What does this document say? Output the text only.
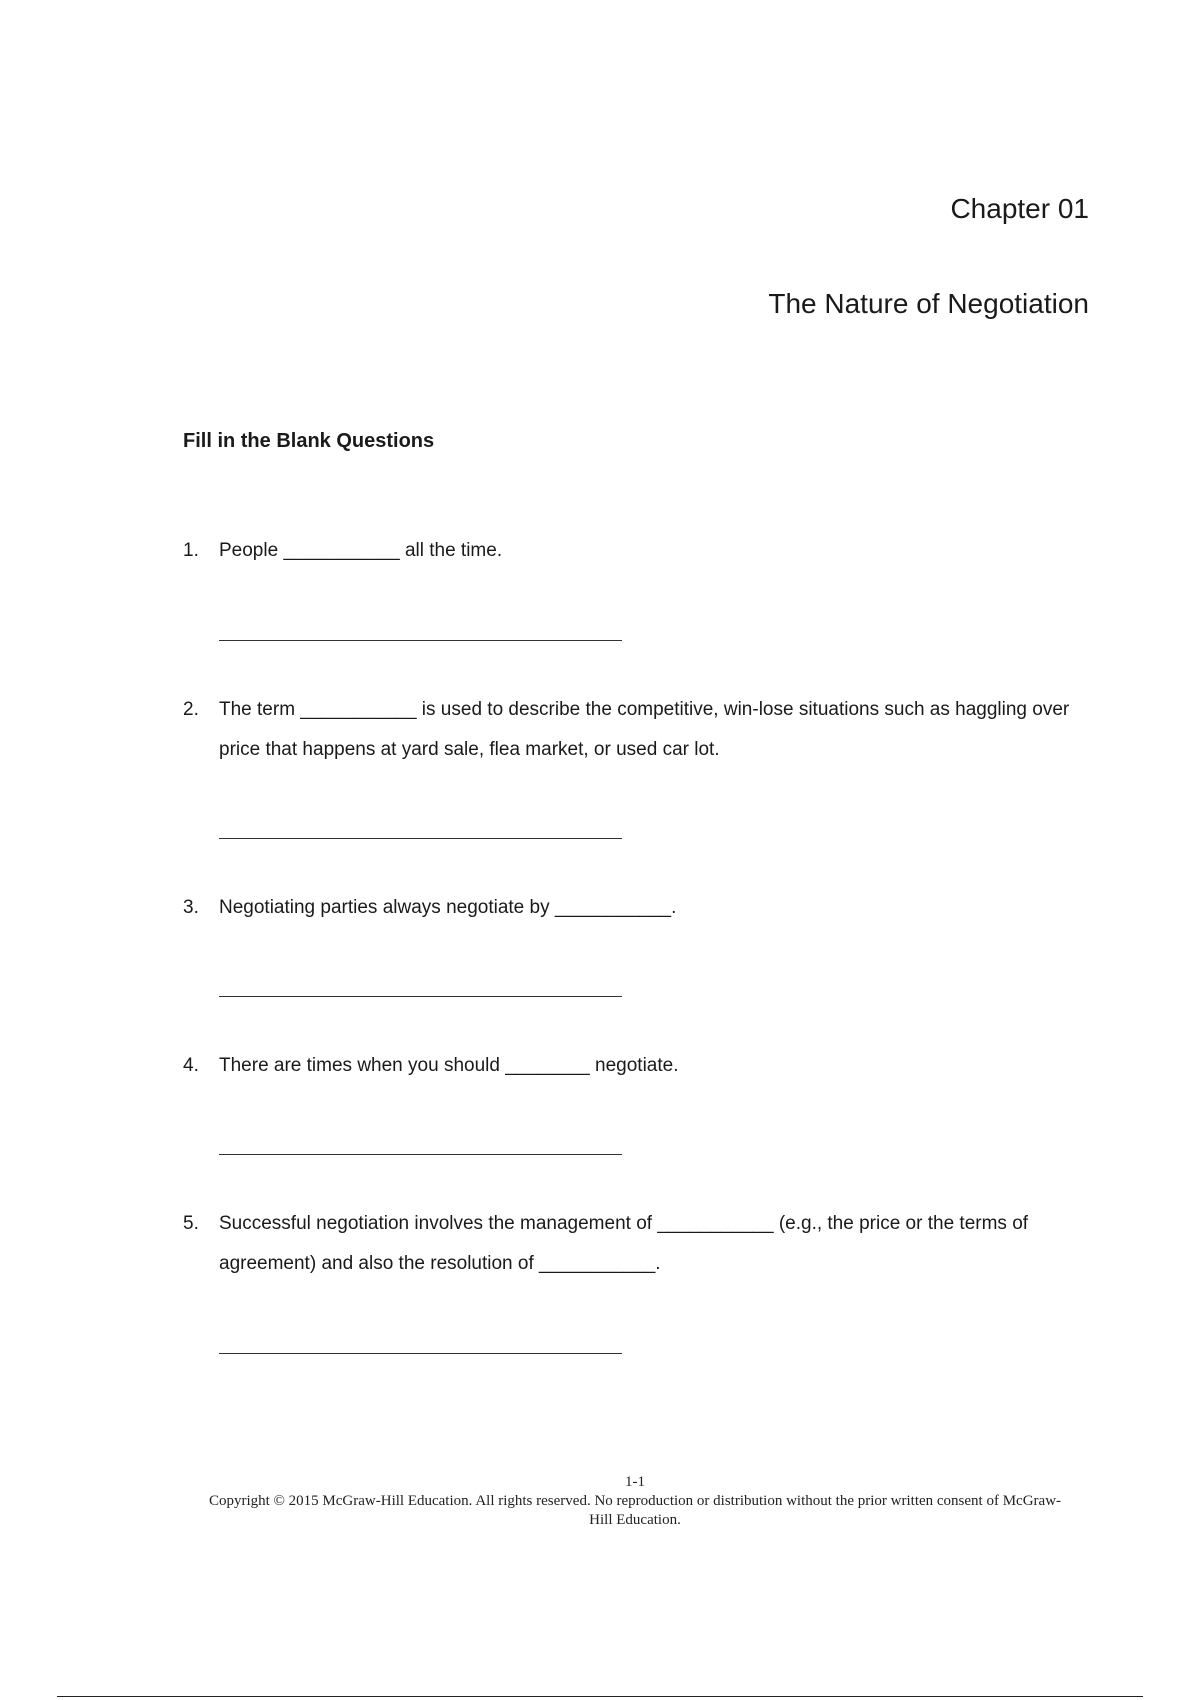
Chapter 01
The Nature of Negotiation
Fill in the Blank Questions
1. People ___________ all the time.
2. The term ___________ is used to describe the competitive, win-lose situations such as haggling over price that happens at yard sale, flea market, or used car lot.
3. Negotiating parties always negotiate by ___________.
4. There are times when you should ________ negotiate.
5. Successful negotiation involves the management of ___________ (e.g., the price or the terms of agreement) and also the resolution of ___________.
1-1
Copyright © 2015 McGraw-Hill Education. All rights reserved. No reproduction or distribution without the prior written consent of McGraw-Hill Education.
